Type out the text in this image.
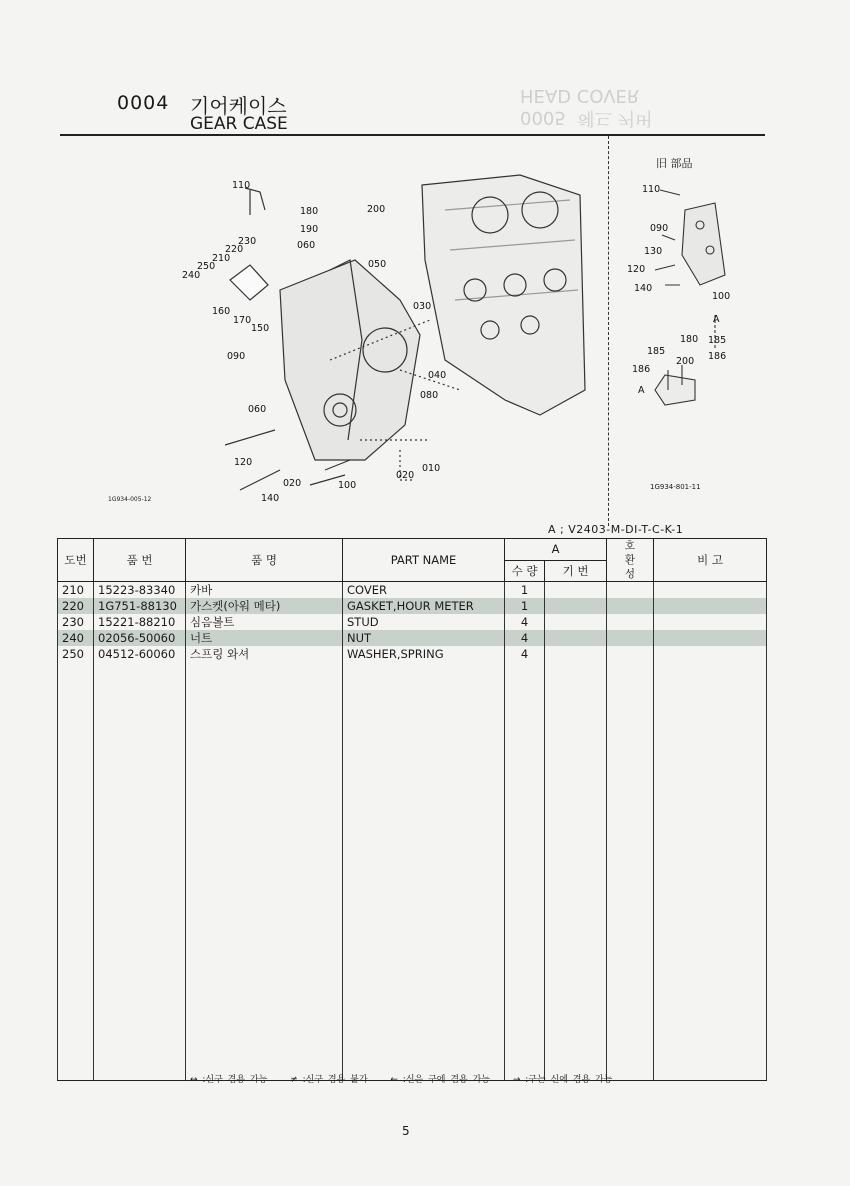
0004 기어케이스
GEAR CASE	0005 헤드 커버
HEAD COVER
110
180	200
190
060
230
220
210
250
240
050
030
160
170
150
090
040
080
060
120
020	100
020
010
140
旧 部品
110
090
130
120
140
100
A
180 185
186
185
200
186
A
1G934-005-12
1G934-801-11
A ; V2403-M-DI-T-C-K-1
도번	품 번	품 명	PART NAME	A		호
환
성	비 고
				수 량	기 번		
210	15223-83340	카바	COVER	1			
220	1G751-88130	가스켓(아워 메타)	GASKET,HOUR METER	1			
230	15221-88210	심음볼트	STUD	4			
240	02056-50060	너트	NUT	4			
250	04512-60060	스프링 와셔	WASHER,SPRING	4			

↔ :신구 겸용 가능	≠ :신구 겸용 불가	← :신은 구에 겸용 가능	→ :구는 신에 겸용 가능
5
